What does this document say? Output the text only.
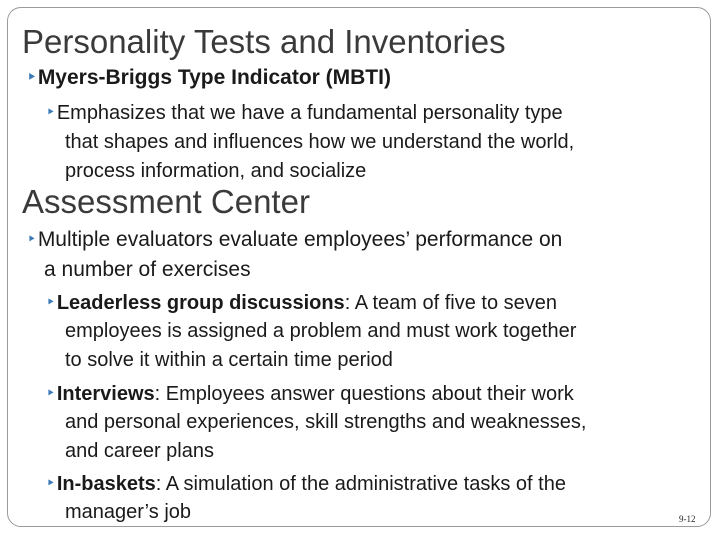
Personality Tests and Inventories
⯈Myers-Briggs Type Indicator (MBTI)
⯈ Emphasizes that we have a fundamental personality type
that shapes and influences how we understand the world,
process information, and socialize
Assessment Center
⯈Multiple evaluators evaluate employees’ performance on
a number of exercises
⯈ Leaderless group discussions: A team of five to seven
employees is assigned a problem and must work together
to solve it within a certain time period
⯈ Interviews: Employees answer questions about their work
and personal experiences, skill strengths and weaknesses,
and career plans
⯈ In-baskets: A simulation of the administrative tasks of the
manager’s job	9-12
